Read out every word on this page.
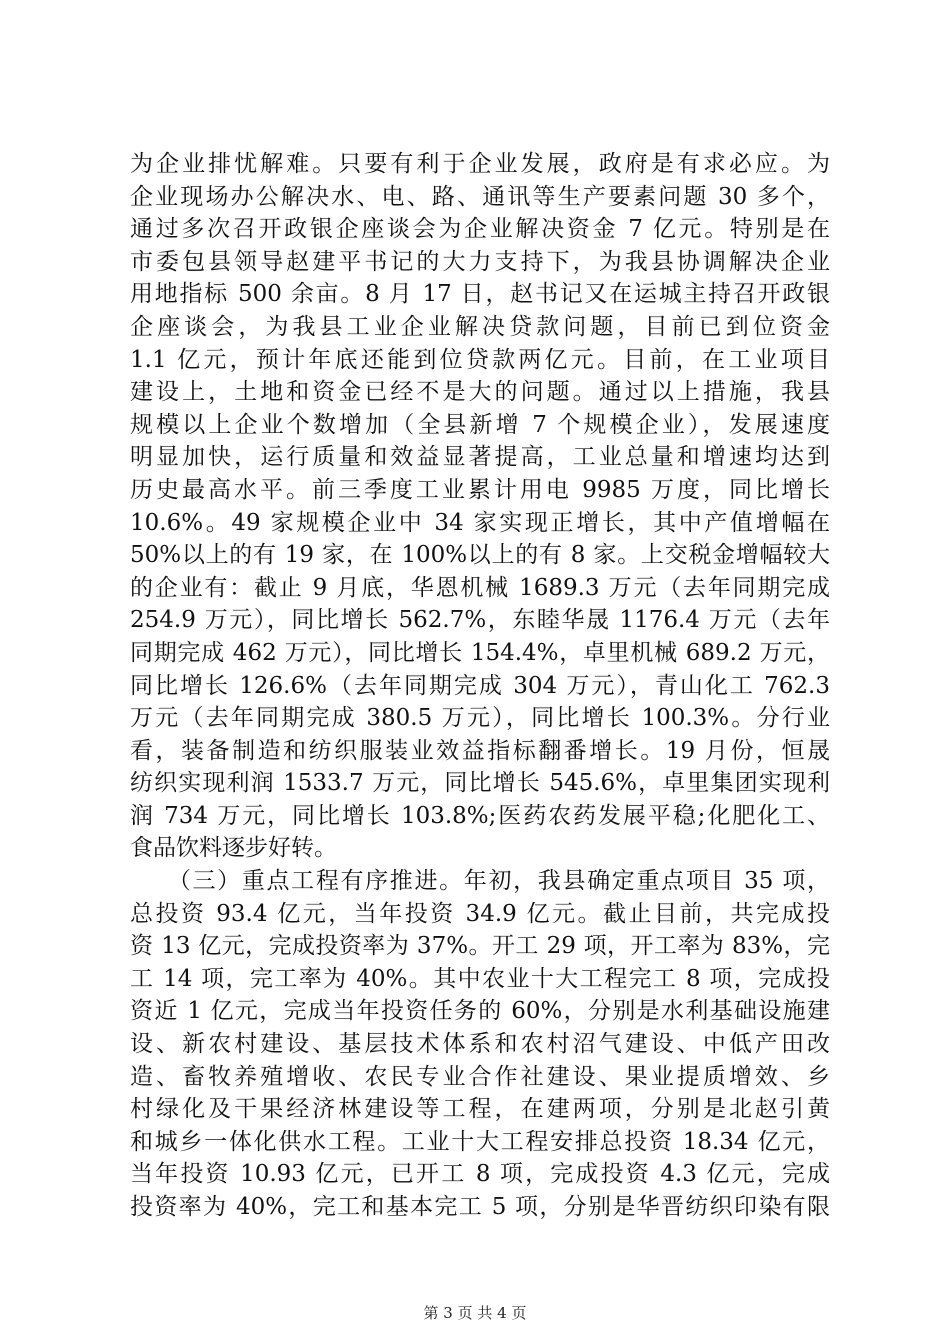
为企业排忧解难。只要有利于企业发展，政府是有求必应。为
企业现场办公解决水、电、路、通讯等生产要素问题 30 多个，
通过多次召开政银企座谈会为企业解决资金 7 亿元。特别是在
市委包县领导赵建平书记的大力支持下，为我县协调解决企业
用地指标 500 余亩。8 月 17 日，赵书记又在运城主持召开政银
企座谈会，为我县工业企业解决贷款问题，目前已到位资金
1.1 亿元，预计年底还能到位贷款两亿元。目前，在工业项目
建设上，土地和资金已经不是大的问题。通过以上措施，我县
规模以上企业个数增加（全县新增 7 个规模企业），发展速度
明显加快，运行质量和效益显著提高，工业总量和增速均达到
历史最高水平。前三季度工业累计用电 9985 万度，同比增长
10.6%。49 家规模企业中 34 家实现正增长，其中产值增幅在
50%以上的有 19 家，在 100%以上的有 8 家。上交税金增幅较大
的企业有：截止 9 月底，华恩机械 1689.3 万元（去年同期完成
254.9 万元），同比增长 562.7%，东睦华晟 1176.4 万元（去年
同期完成 462 万元），同比增长 154.4%，卓里机械 689.2 万元，
同比增长 126.6%（去年同期完成 304 万元），青山化工 762.3
万元（去年同期完成 380.5 万元），同比增长 100.3%。分行业
看，装备制造和纺织服装业效益指标翻番增长。19 月份，恒晟
纺织实现利润 1533.7 万元，同比增长 545.6%，卓里集团实现利
润 734 万元，同比增长 103.8%;医药农药发展平稳;化肥化工、
食品饮料逐步好转。
　　（三）重点工程有序推进。年初，我县确定重点项目 35 项，
总投资 93.4 亿元，当年投资 34.9 亿元。截止目前，共完成投
资 13 亿元，完成投资率为 37%。开工 29 项，开工率为 83%，完
工 14 项，完工率为 40%。其中农业十大工程完工 8 项，完成投
资近 1 亿元，完成当年投资任务的 60%，分别是水利基础设施建
设、新农村建设、基层技术体系和农村沼气建设、中低产田改
造、畜牧养殖增收、农民专业合作社建设、果业提质增效、乡
村绿化及干果经济林建设等工程，在建两项，分别是北赵引黄
和城乡一体化供水工程。工业十大工程安排总投资 18.34 亿元，
当年投资 10.93 亿元，已开工 8 项，完成投资 4.3 亿元，完成
投资率为 40%，完工和基本完工 5 项，分别是华晋纺织印染有限
第 3 页 共 4 页
